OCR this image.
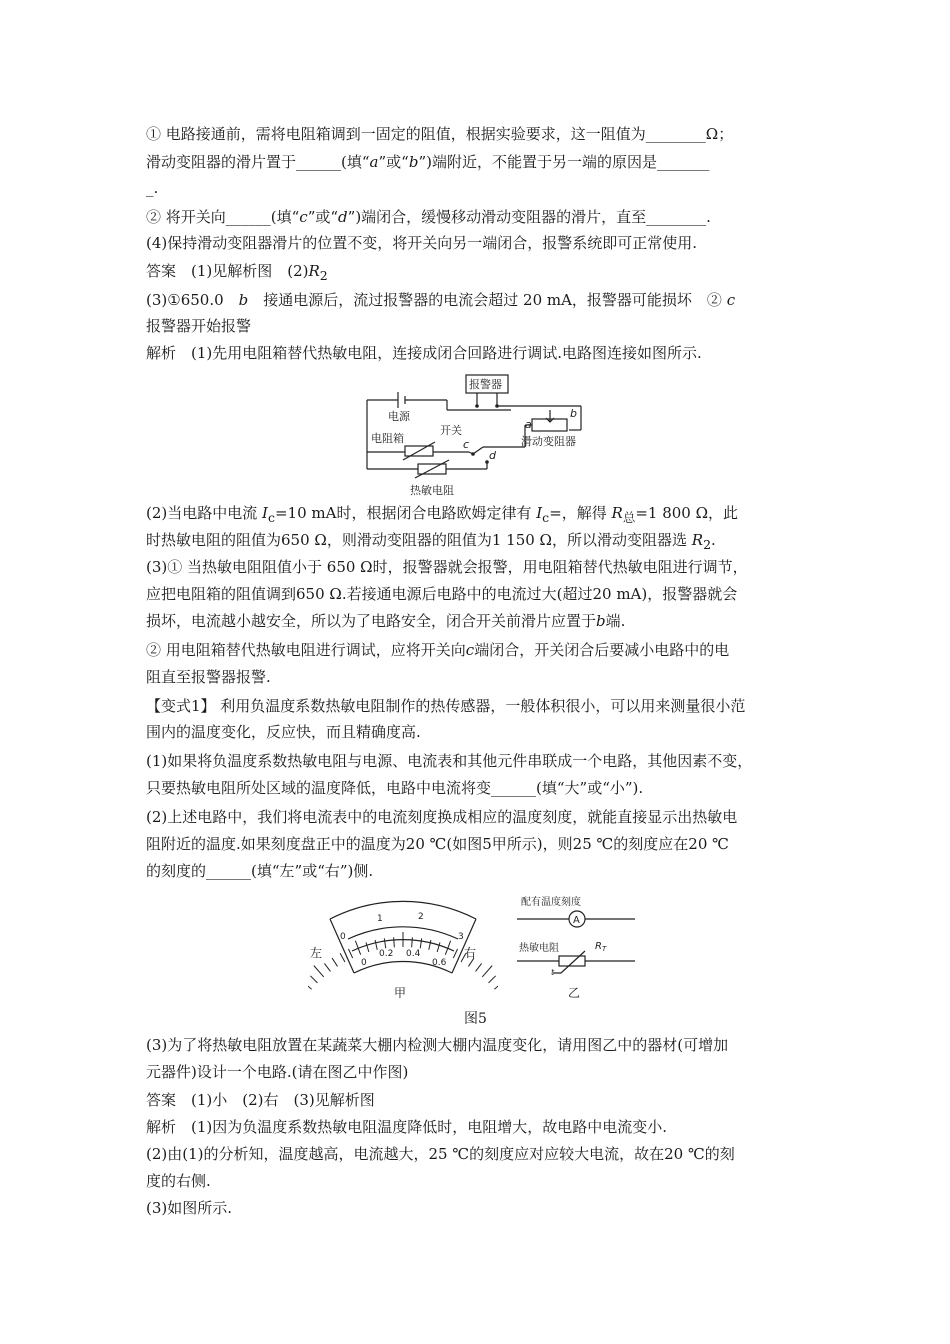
① 电路接通前，需将电阻箱调到一固定的阻值，根据实验要求，这一阻值为________Ω；
滑动变阻器的滑片置于______(填“a”或“b”)端附近，不能置于另一端的原因是_______
_.
② 将开关向______(填“c”或“d”)端闭合，缓慢移动滑动变阻器的滑片，直至________.
(4)保持滑动变阻器滑片的位置不变，将开关向另一端闭合，报警系统即可正常使用.
答案　(1)见解析图　$(2)R_2$
(3)①650.0　b　接通电源后，流过报警器的电流会超过 20 mA，报警器可能损坏　② c
报警器开始报警
解析　(1)先用电阻箱替代热敏电阻，连接成闭合回路进行调试.电路图连接如图所示.
(2)当电路中电流 $I_c=10$ mA时，根据闭合电路欧姆定律有 $I_c=$，解得 $R_总=1$ 800 Ω，此
时热敏电阻的阻值为650 Ω，则滑动变阻器的阻值为1 150 Ω，所以滑动变阻器选 $R_2$.
(3)① 当热敏电阻阻值小于 650 Ω时，报警器就会报警，用电阻箱替代热敏电阻进行调节，
应把电阻箱的阻值调到650 Ω.若接通电源后电路中的电流过大(超过20 mA)，报警器就会
损坏，电流越小越安全，所以为了电路安全，闭合开关前滑片应置于b端.
② 用电阻箱替代热敏电阻进行调试，应将开关向c端闭合，开关闭合后要减小电路中的电
阻直至报警器报警.
【变式1】 利用负温度系数热敏电阻制作的热传感器，一般体积很小，可以用来测量很小范
围内的温度变化，反应快，而且精确度高.
(1)如果将负温度系数热敏电阻与电源、电流表和其他元件串联成一个电路，其他因素不变，
只要热敏电阻所处区域的温度降低，电路中电流将变______(填“大”或“小”).
(2)上述电路中，我们将电流表中的电流刻度换成相应的温度刻度，就能直接显示出热敏电
阻附近的温度.如果刻度盘正中的温度为20 ℃(如图5甲所示)，则25 ℃的刻度应在20 ℃
的刻度的______(填“左”或“右”)侧.
(3)为了将热敏电阻放置在某蔬菜大棚内检测大棚内温度变化，请用图乙中的器材(可增加
元器件)设计一个电路.(请在图乙中作图)
答案　(1)小　(2)右　(3)见解析图
解析　(1)因为负温度系数热敏电阻温度降低时，电阻增大，故电路中电流变小.
(2)由(1)的分析知，温度越高，电流越大，25 ℃的刻度应对应较大电流，故在20 ℃的刻
度的右侧.
(3)如图所示.
报警器
电源
电阻箱
开关
滑动变阻器
热敏电阻
a
b
c
d
0
1	2
3
0
0.2 0.4
0.6
左	右
甲
配有温度刻度
A
热敏电阻	$R_T$
t
乙
图5
